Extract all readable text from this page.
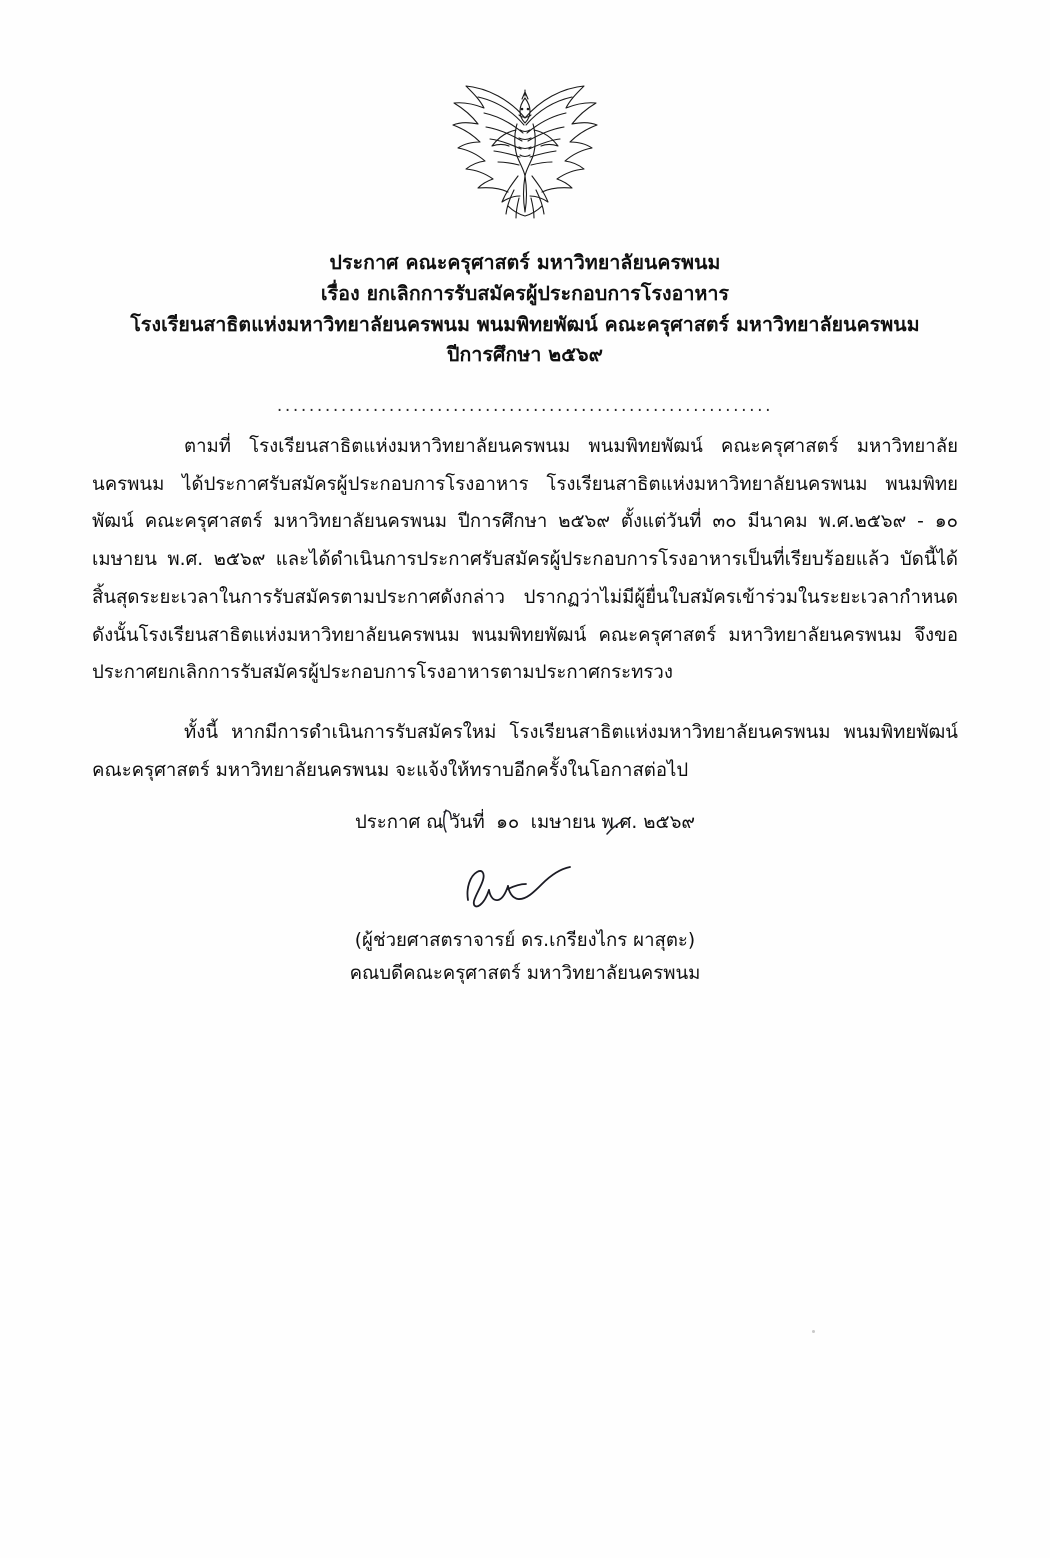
ประกาศ คณะครุศาสตร์ มหาวิทยาลัยนครพนม
เรื่อง ยกเลิกการรับสมัครผู้ประกอบการโรงอาหาร
โรงเรียนสาธิตแห่งมหาวิทยาลัยนครพนม พนมพิทยพัฒน์ คณะครุศาสตร์ มหาวิทยาลัยนครพนม
ปีการศึกษา ๒๕๖๙
..............................................................

ตามที่ โรงเรียนสาธิตแห่งมหาวิทยาลัยนครพนม พนมพิทยพัฒน์ คณะครุศาสตร์ มหาวิทยาลัยนครพนม ได้ประกาศรับสมัครผู้ประกอบการโรงอาหาร โรงเรียนสาธิตแห่งมหาวิทยาลัยนครพนม พนมพิทยพัฒน์ คณะครุศาสตร์ มหาวิทยาลัยนครพนม ปีการศึกษา ๒๕๖๙ ตั้งแต่วันที่ ๓๐ มีนาคม พ.ศ.๒๕๖๙ - ๑๐ เมษายน พ.ศ. ๒๕๖๙ และได้ดำเนินการประกาศรับสมัครผู้ประกอบการโรงอาหารเป็นที่เรียบร้อยแล้ว บัดนี้ได้สิ้นสุดระยะเวลาในการรับสมัครตามประกาศดังกล่าว ปรากฏว่าไม่มีผู้ยื่นใบสมัครเข้าร่วมในระยะเวลากำหนด ดังนั้นโรงเรียนสาธิตแห่งมหาวิทยาลัยนครพนม พนมพิทยพัฒน์ คณะครุศาสตร์ มหาวิทยาลัยนครพนม จึงขอประกาศยกเลิกการรับสมัครผู้ประกอบการโรงอาหารตามประกาศกระทรวง

ทั้งนี้ หากมีการดำเนินการรับสมัครใหม่ โรงเรียนสาธิตแห่งมหาวิทยาลัยนครพนม พนมพิทยพัฒน์ คณะครุศาสตร์ มหาวิทยาลัยนครพนม จะแจ้งให้ทราบอีกครั้งในโอกาสต่อไป

ประกาศ ณ วันที่ ๑๐ เมษายน พ.ศ. ๒๕๖๙
(ผู้ช่วยศาสตราจารย์ ดร.เกรียงไกร ผาสุตะ)
คณบดีคณะครุศาสตร์ มหาวิทยาลัยนครพนม
